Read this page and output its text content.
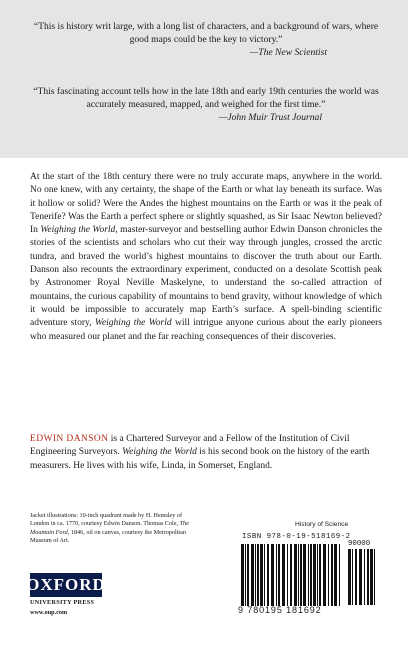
“This is history writ large, with a long list of characters, and a background of wars, where good maps could be the key to victory.”
—The New Scientist
“This fascinating account tells how in the late 18th and early 19th centuries the world was accurately measured, mapped, and weighed for the first time.”
—John Muir Trust Journal

At the start of the 18th century there were no truly accurate maps, anywhere in the world. No one knew, with any certainty, the shape of the Earth or what lay beneath its surface. Was it hollow or solid? Were the Andes the highest mountains on the Earth or was it the peak of Tenerife? Was the Earth a perfect sphere or slightly squashed, as Sir Isaac Newton believed? In Weighing the World, master-surveyor and bestselling author Edwin Danson chronicles the stories of the scientists and scholars who cut their way through jungles, crossed the arctic tundra, and braved the world’s highest mountains to discover the truth about our Earth. Danson also recounts the extraordinary experiment, conducted on a desolate Scottish peak by Astronomer Royal Neville Maskelyne, to understand the so-called attraction of mountains, the curious capability of mountains to bend gravity, without knowledge of which it would be impossible to accurately map Earth’s surface. A spell-binding scientific adventure story, Weighing the World will intrigue anyone curious about the early pioneers who measured our planet and the far reaching consequences of their discoveries.

EDWIN DANSON is a Chartered Surveyor and a Fellow of the Institution of Civil Engineering Surveyors. Weighing the World is his second book on the history of the earth measurers. He lives with his wife, Linda, in Somerset, England.

Jacket illustrations: 10-inch quadrant made by H. Hemsley of London in ca. 1770, courtesy Edwin Danson. Thomas Cole, The Mountain Ford, 1846, oil on canvas, courtesy the Metropolitan Museum of Art.
History of Science
OXFORD
UNIVERSITY PRESS
www.oup.com
ISBN 978-0-19-518169-2
90000
9 780195 181692
